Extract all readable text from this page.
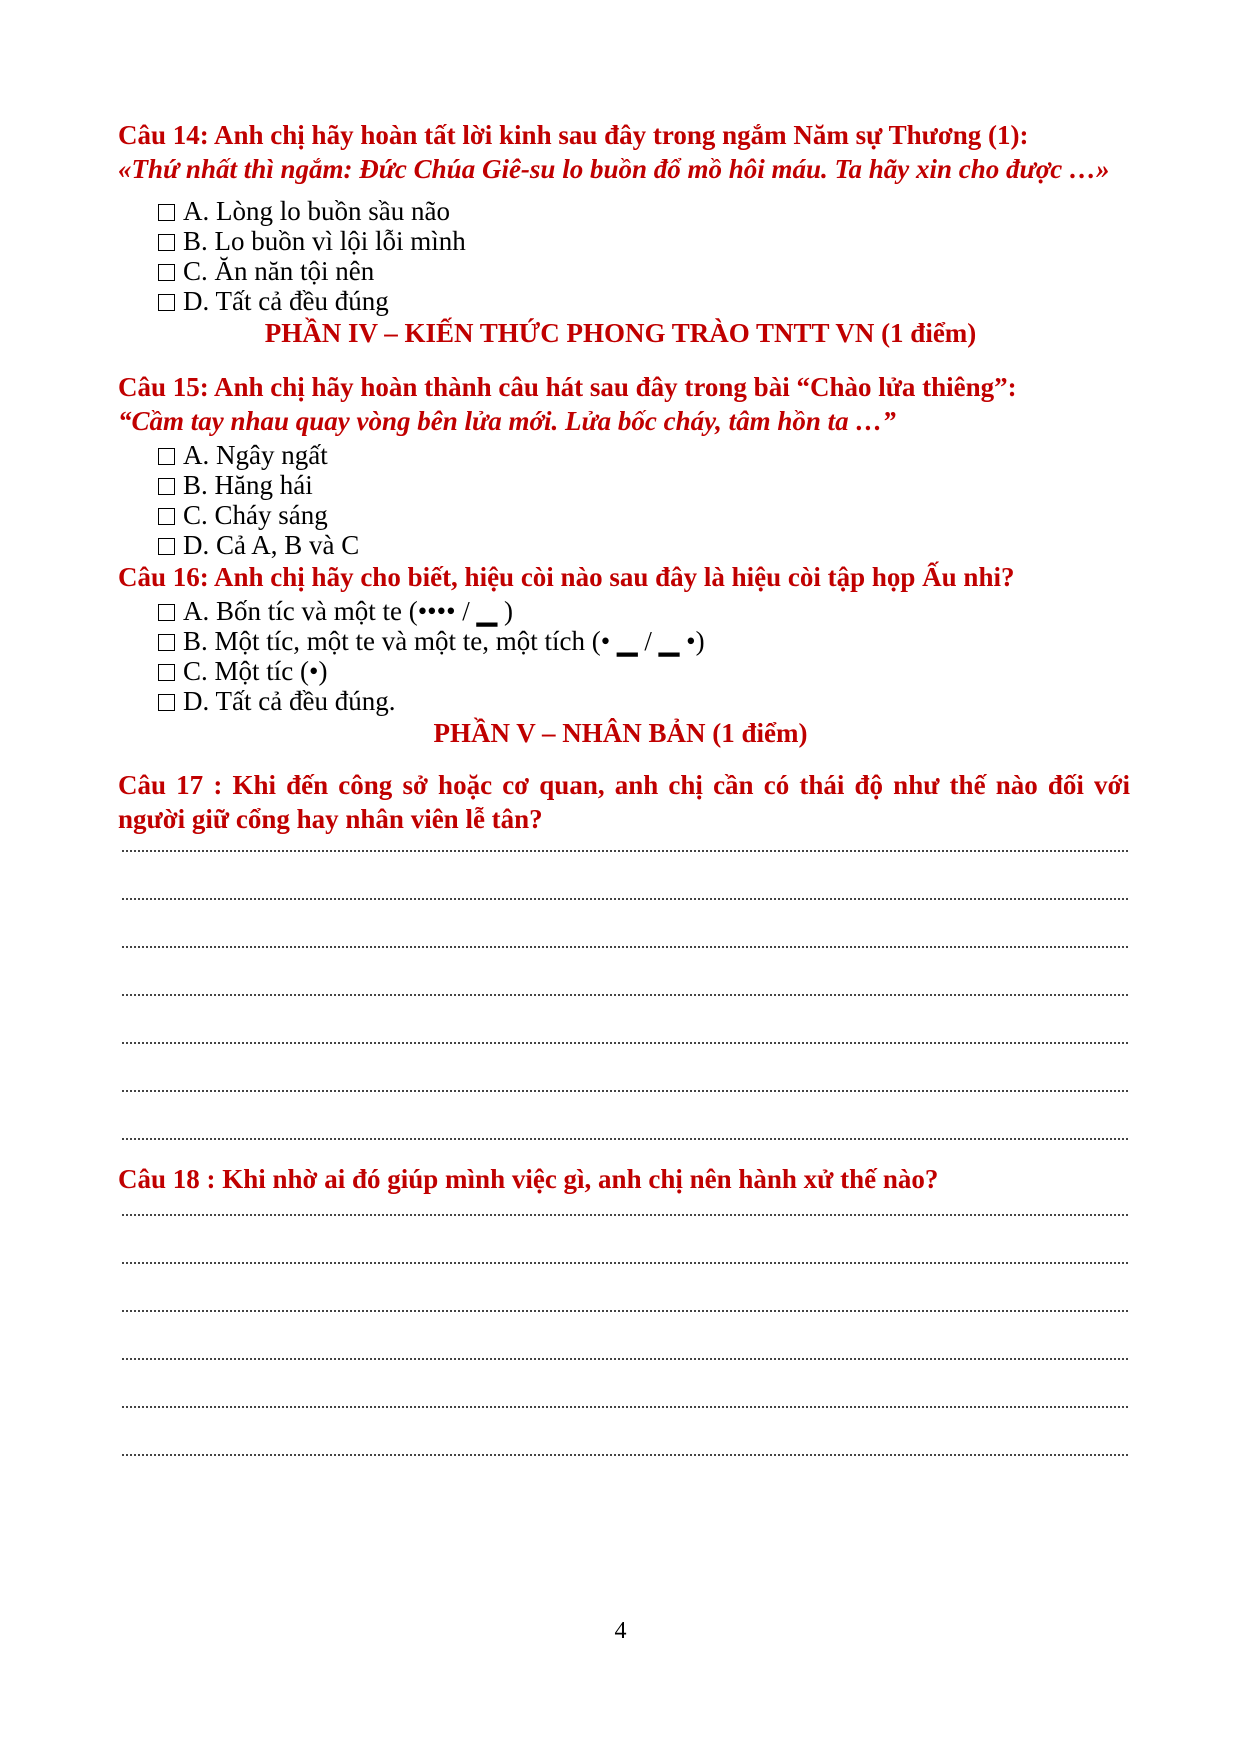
Câu 14: Anh chị hãy hoàn tất lời kinh sau đây trong ngắm Năm sự Thương (1):
«Thứ nhất thì ngắm: Đức Chúa Giê-su lo buồn đổ mồ hôi máu. Ta hãy xin cho được …»
A. Lòng lo buồn sầu não
B. Lo buồn vì lội lỗi mình
C. Ăn năn tội nên
D. Tất cả đều đúng
PHẦN IV – KIẾN THỨC PHONG TRÀO TNTT VN (1 điểm)
Câu 15: Anh chị hãy hoàn thành câu hát sau đây trong bài “Chào lửa thiêng”:
“Cầm tay nhau quay vòng bên lửa mới. Lửa bốc cháy, tâm hồn ta …”
A. Ngây ngất
B. Hăng hái
C. Cháy sáng
D. Cả A, B và C
Câu 16: Anh chị hãy cho biết, hiệu còi nào sau đây là hiệu còi tập họp Ấu nhi?
A. Bốn tíc và một te (•••• / ▁ )
B. Một tíc, một te và một te, một tích (• ▁ / ▁ •)
C. Một tíc (•)
D. Tất cả đều đúng.
PHẦN V – NHÂN BẢN (1 điểm)
Câu 17 : Khi đến công sở hoặc cơ quan, anh chị cần có thái độ như thế nào đối với người giữ cổng hay nhân viên lễ tân?
Câu 18 : Khi nhờ ai đó giúp mình việc gì, anh chị nên hành xử thế nào?
4
